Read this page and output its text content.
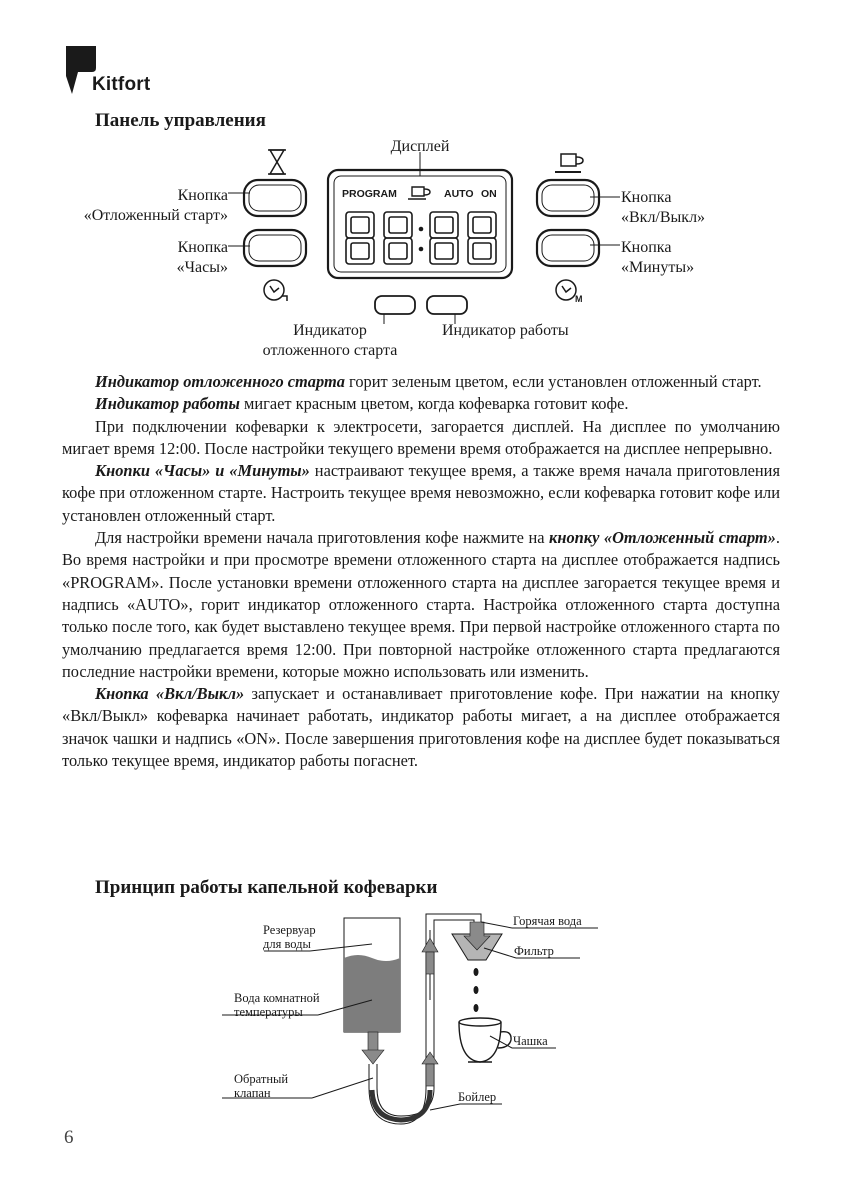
Kitfort
Панель управления
PROGRAM	AUTO ON
M
Дисплей
Кнопка
«Отложенный старт»
Кнопка
«Часы»
Кнопка
«Вкл/Выкл»
Кнопка
«Минуты»
Индикатор
отложенного старта
Индикатор работы

Индикатор отложенного старта горит зеленым цветом, если установлен отложенный старт.

Индикатор работы мигает красным цветом, когда кофеварка готовит кофе.

При подключении кофеварки к электросети, загорается дисплей. На дисплее по умолчанию мигает время 12:00. После настройки текущего времени время отображается на дисплее непрерывно.

Кнопки «Часы» и «Минуты» настраивают текущее время, а также время начала приготовления кофе при отложенном старте. Настроить текущее время невозможно, если кофеварка готовит кофе или установлен отложенный старт.

Для настройки времени начала приготовления кофе нажмите на кнопку «Отложенный старт». Во время настройки и при просмотре времени отложенного старта на дисплее отображается надпись «PROGRAM». После установки времени отложенного старта на дисплее загорается текущее время и надпись «AUTO», горит индикатор отложенного старта. Настройка отложенного старта доступна только после того, как будет выставлено текущее время. При первой настройке отложенного старта по умолчанию предлагается время 12:00. При повторной настройке отложенного старта предлагаются последние настройки времени, которые можно использовать или изменить.

Кнопка «Вкл/Выкл» запускает и останавливает приготовление кофе. При нажатии на кнопку «Вкл/Выкл» кофеварка начинает работать, индикатор работы мигает, а на дисплее отображается значок чашки и надпись «ON». После завершения приготовления кофе на дисплее будет показываться только текущее время, индикатор работы погаснет.

Принцип работы капельной кофеварки
Резервуар
для воды
Горячая вода
Фильтр
Вода комнатной
температуры
Чашка
Обратный
клапан	Бойлер
6
